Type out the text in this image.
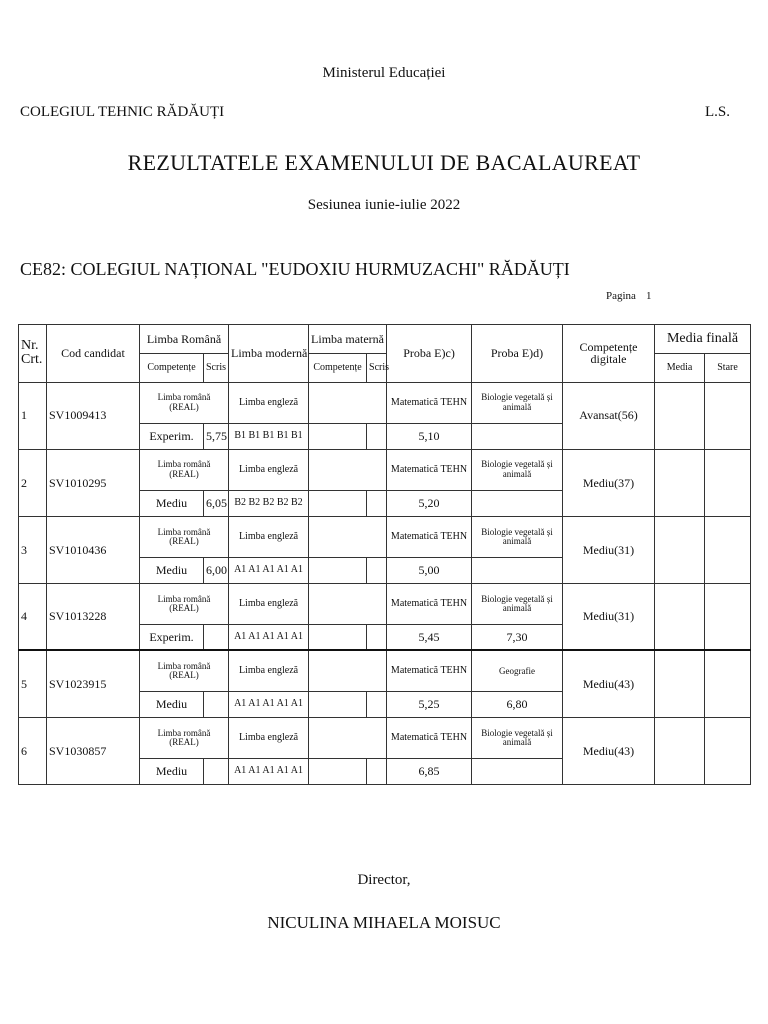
Ministerul Educației
COLEGIUL TEHNIC RĂDĂUȚI	L.S.
REZULTATELE EXAMENULUI DE BACALAUREAT
Sesiunea iunie-iulie 2022
CE82: COLEGIUL NAȚIONAL "EUDOXIU HURMUZACHI" RĂDĂUȚI
Pagina 1
Nr. Crt.	Cod candidat	Limba Română		Limba modernă	Limba maternă		Proba E)c)	Proba E)d)	Competențe digitale	Media finală	
		Competențe	Scris		Competențe	Scris				Media	Stare
1	SV1009413	Limba română (REAL)		Limba engleză			Matematică TEHN	Biologie vegetală și animală	Avansat(56)		
		Experim.	5,75	B1 B1 B1 B1 B1			5,10				
2	SV1010295	Limba română (REAL)		Limba engleză			Matematică TEHN	Biologie vegetală și animală	Mediu(37)		
		Mediu	6,05	B2 B2 B2 B2 B2			5,20				
3	SV1010436	Limba română (REAL)		Limba engleză			Matematică TEHN	Biologie vegetală și animală	Mediu(31)		
		Mediu	6,00	A1 A1 A1 A1 A1			5,00				
4	SV1013228	Limba română (REAL)		Limba engleză			Matematică TEHN	Biologie vegetală și animală	Mediu(31)		
		Experim.		A1 A1 A1 A1 A1			5,45	7,30			
5	SV1023915	Limba română (REAL)		Limba engleză			Matematică TEHN	Geografie	Mediu(43)		
		Mediu		A1 A1 A1 A1 A1			5,25	6,80			
6	SV1030857	Limba română (REAL)		Limba engleză			Matematică TEHN	Biologie vegetală și animală	Mediu(43)		
		Mediu		A1 A1 A1 A1 A1			6,85				
Director,
NICULINA MIHAELA MOISUC
